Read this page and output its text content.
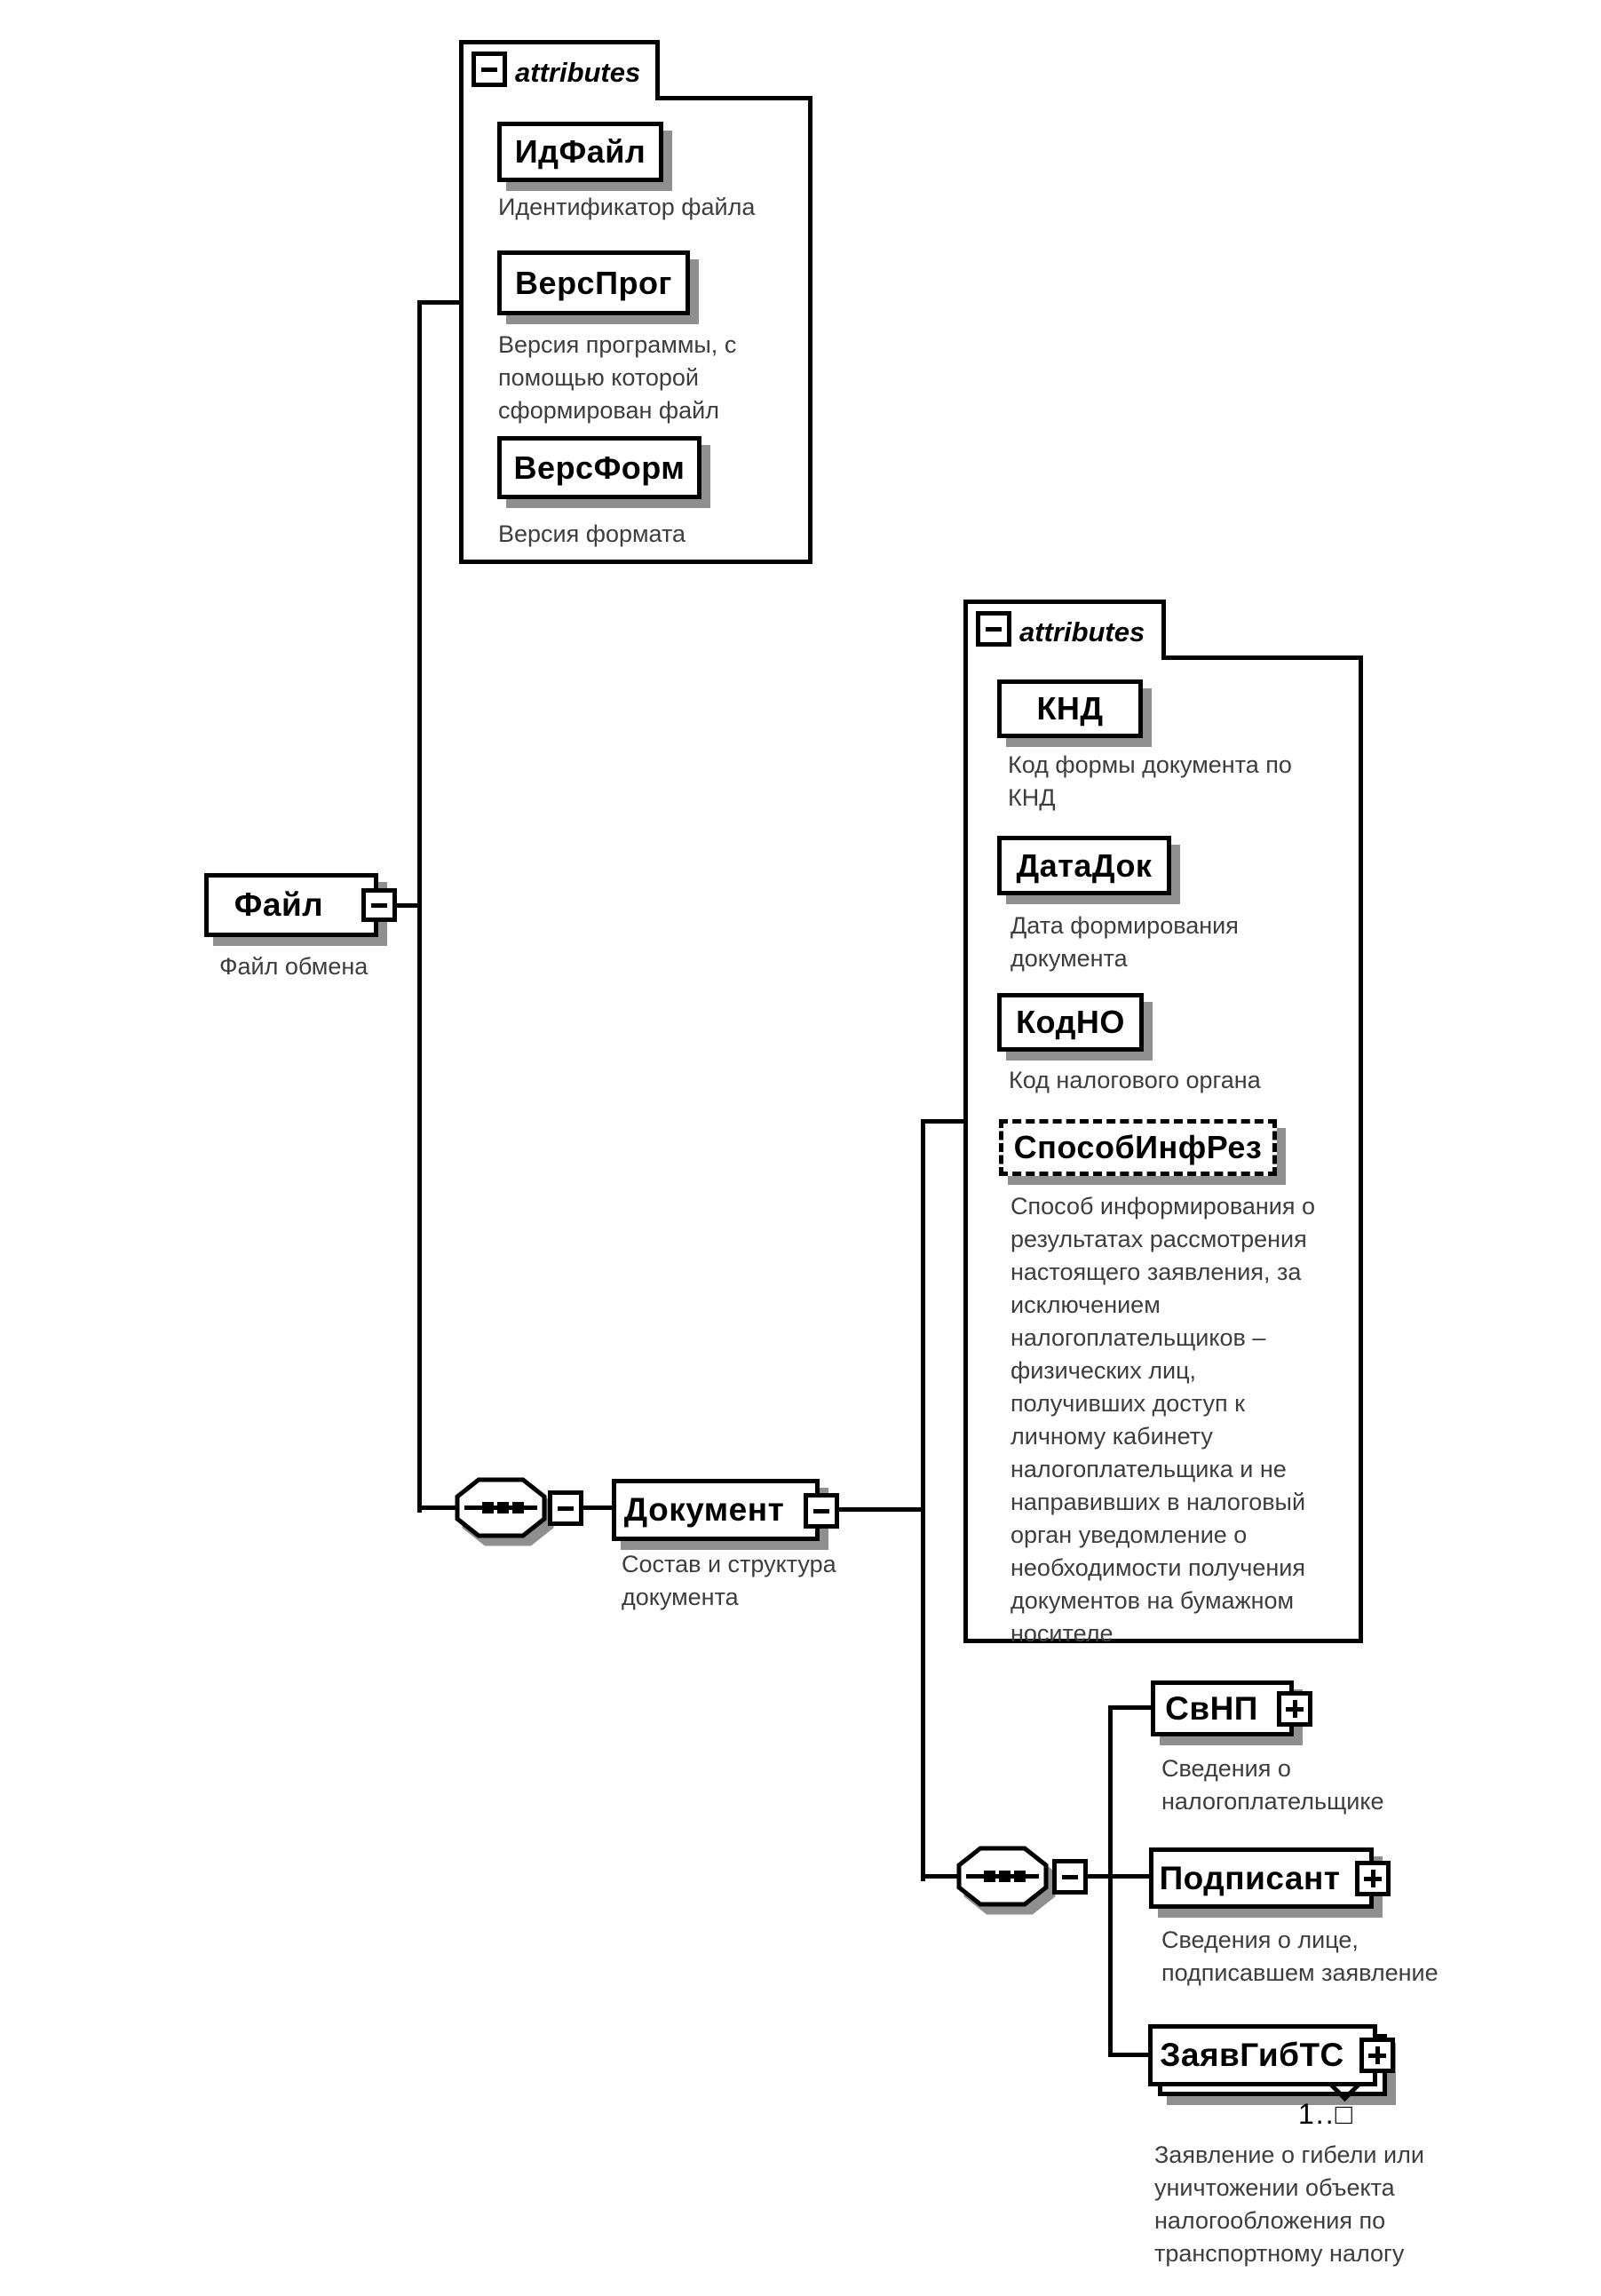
attributes
ИдФайл
Идентификатор файла
ВерсПрог
Версия программы, с помощью которой сформирован файл
ВерсФорм
Версия формата
Файл
Файл обмена
Документ
Состав и структура документа
attributes
КНД
Код формы документа по КНД
ДатаДок
Дата формирования документа
КодНО
Код налогового органа
СпособИнфРез
Способ информирования о результатах рассмотрения настоящего заявления, за исключением налогоплательщиков – физических лиц, получивших доступ к личному кабинету налогоплательщика и не направивших в налоговый орган уведомление о необходимости получения документов на бумажном носителе
СвНП
Сведения о налогоплательщике
Подписант
Сведения о лице, подписавшем заявление
ЗаявГибТС
1..□
Заявление о гибели или уничтожении объекта налогообложения по транспортному налогу
